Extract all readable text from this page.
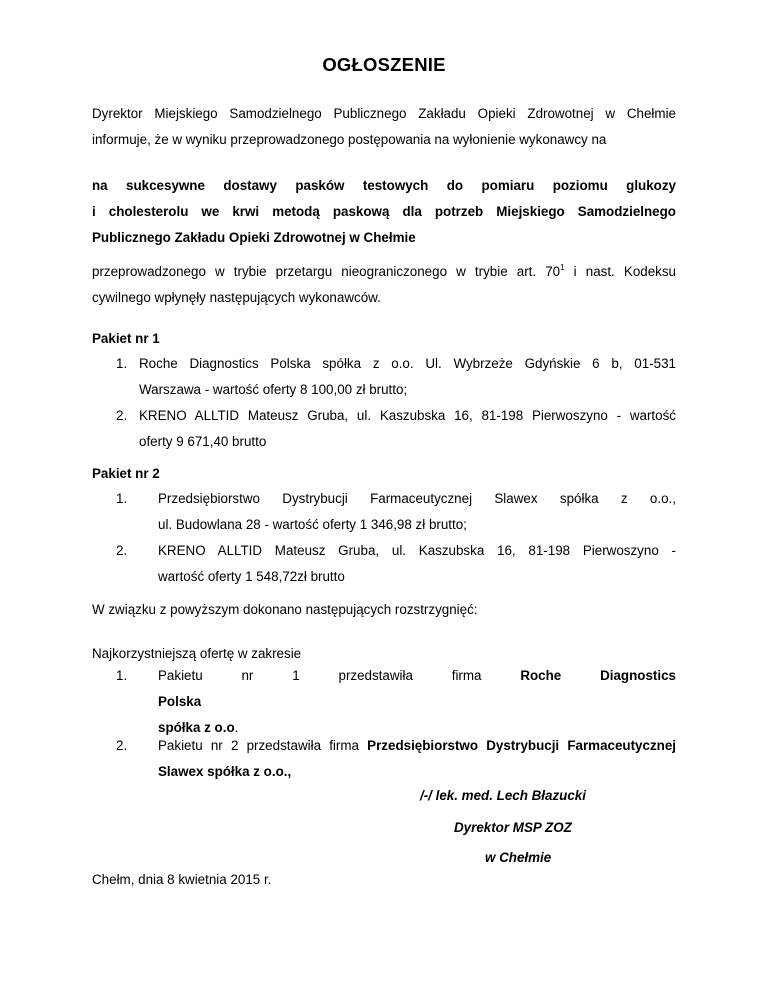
OGŁOSZENIE
Dyrektor Miejskiego Samodzielnego Publicznego Zakładu Opieki Zdrowotnej w Chełmie
informuje, że w wyniku przeprowadzonego postępowania na wyłonienie wykonawcy na
na sukcesywne dostawy pasków testowych do pomiaru poziomu glukozy
i cholesterolu we krwi metodą paskową dla potrzeb Miejskiego Samodzielnego
Publicznego Zakładu Opieki Zdrowotnej w Chełmie
przeprowadzonego w trybie przetargu nieograniczonego w trybie art. $70^1$ i nast. Kodeksu
cywilnego wpłynęły następujących wykonawców.
Pakiet nr 1
1. Roche Diagnostics Polska spółka z o.o. Ul. Wybrzeże Gdyńskie 6 b, 01-531
Warszawa - wartość oferty 8 100,00 zł brutto;
2. KRENO ALLTID Mateusz Gruba, ul. Kaszubska 16, 81-198 Pierwoszyno - wartość
oferty 9 671,40 brutto
Pakiet nr 2
1.	Przedsiębiorstwo Dystrybucji Farmaceutycznej Slawex spółka z o.o.,
ul. Budowlana 28 - wartość oferty 1 346,98 zł brutto;
2.	KRENO ALLTID Mateusz Gruba, ul. Kaszubska 16, 81-198 Pierwoszyno -
wartość oferty 1 548,72zł brutto
W związku z powyższym dokonano następujących rozstrzygnięć:
Najkorzystniejszą ofertę w zakresie
1.	Pakietu nr 1 przedstawiła firma	Roche Diagnostics Polska
spółka z o.o.
2.	Pakietu nr 2 przedstawiła firma Przedsiębiorstwo Dystrybucji Farmaceutycznej
Slawex spółka z o.o.,
/-/ lek. med. Lech Błazucki
Dyrektor MSP ZOZ
w Chełmie
Chełm, dnia 8 kwietnia 2015 r.
